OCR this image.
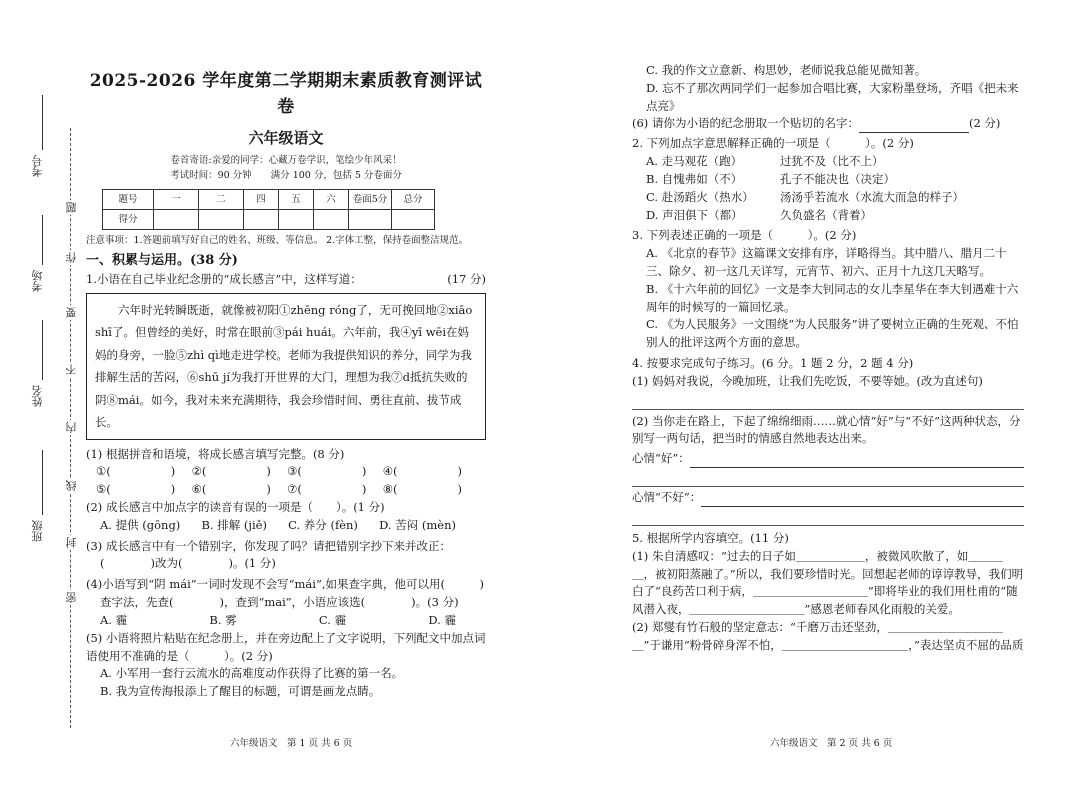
考号
考场
姓名
班级
题
作
要
不
内
线
封
密
2025-2026 学年度第二学期期末素质教育测评试卷
六年级语文
卷首寄语:亲爱的同学：心藏万卷学识，笔绘少年风采！
考试时间：90 分钟　　满分 100 分，包括 5 分卷面分
题号	一	二	四	五	六	卷面5分	总分
得分							
注意事项：1.答题前填写好自己的姓名、班级、等信息。 2.字体工整，保持卷面整洁规范。
一、积累与运用。(38 分)
1.小语在自己毕业纪念册的“成长感言”中，这样写道：	(17 分)

六年时光转瞬既逝，就像被初阳①zhēng róng了，无可挽回地②xiāo shī了。但曾经的美好，时常在眼前③pái huái。六年前，我④yī wēi在妈妈的身旁，一脸⑤zhì qì地走进学校。老师为我提供知识的养分，同学为我排解生活的苦闷，⑥shū jí为我打开世界的大门，理想为我⑦d抵抗失败的阴⑧mái。如今，我对未来充满期待，我会珍惜时间、勇往直前、拔节成长。

(1) 根据拼音和语境，将成长感言填写完整。(8 分)
①(	) ②(	) ③(	) ④(	)
⑤(	) ⑥(	) ⑦(	) ⑧(	)
(2) 成长感言中加点字的读音有误的一项是（　　）。(1 分)
A. 提供 (gōng) B. 排解 (jiě) C. 养分 (fèn) D. 苦闷 (mèn)
(3) 成长感言中有一个错别字，你发现了吗？请把错别字抄下来并改正：
(　　　　)改为(　　　　)。(1 分)
(4)小语写到“阴 mái”一词时发现不会写“mái”,如果查字典，他可以用(　　　)
查字法，先查(　　　　)，查到“mai”，小语应该选(　　　　)。(3 分)
A. 霾	B. 雾	C. 霾	D. 霾
(5) 小语将照片粘贴在纪念册上，并在旁边配上了文字说明，下列配文中加点词语使用不准确的是（　　　）。(2 分)
A. 小军用一套行云流水的高难度动作获得了比赛的第一名。
B. 我为宣传海报添上了醒目的标题，可谓是画龙点睛。
六年级语文　第 1 页 共 6 页
C. 我的作文立意新、构思妙，老师说我总能见微知著。
D. 忘不了那次两同学们一起参加合唱比赛，大家粉墨登场，齐唱《把未来点亮》
(6) 请你为小语的纪念册取一个贴切的名字：	(2 分)
2. 下列加点字意思解释正确的一项是（　　　）。(2 分)
A. 走马观花（跑）	过犹不及（比不上）
B. 自愧弗如（不）	孔子不能决也（决定）
C. 赴汤蹈火（热水）	汤汤乎若流水（水流大而急的样子）
D. 声泪俱下（都）	久负盛名（背着）
3. 下列表述正确的一项是（　　　）。(2 分)
A. 《北京的春节》这篇课文安排有序，详略得当。其中腊八、腊月二十三、除夕、初一这几天详写，元宵节、初六、正月十九这几天略写。
B. 《十六年前的回忆》一文是李大钊同志的女儿李星华在李大钊遇难十六周年的时候写的一篇回忆录。
C. 《为人民服务》一文围绕“为人民服务”讲了要树立正确的生死观、不怕别人的批评这两个方面的意思。
4. 按要求完成句子练习。(6 分。1 题 2 分，2 题 4 分)
(1) 妈妈对我说，今晚加班，让我们先吃饭，不要等她。(改为直述句)
(2) 当你走在路上，下起了绵绵细雨……就心情“好”与“不好”这两种状态，分别写一两句话，把当时的情感自然地表达出来。
心情“好”：
心情“不好”：
5. 根据所学内容填空。(11 分)
(1) 朱自清感叹：“过去的日子如＿＿＿＿＿＿，被微风吹散了，如＿＿＿＿，被初阳蒸融了。”所以，我们要珍惜时光。回想起老师的谆谆教导，我们明白了“良药苦口利于病，＿＿＿＿＿＿＿＿＿＿”即将毕业的我们用杜甫的“随风潜入夜，＿＿＿＿＿＿＿＿＿＿”感恩老师春风化雨般的关爱。
(2) 郑燮有竹石般的坚定意志：“千磨万击还坚劲，＿＿＿＿＿＿＿＿＿＿＿”于谦用“粉骨碎身浑不怕，＿＿＿＿＿＿＿＿＿＿＿，”表达坚贞不屈的品质
六年级语文　第 2 页 共 6 页
